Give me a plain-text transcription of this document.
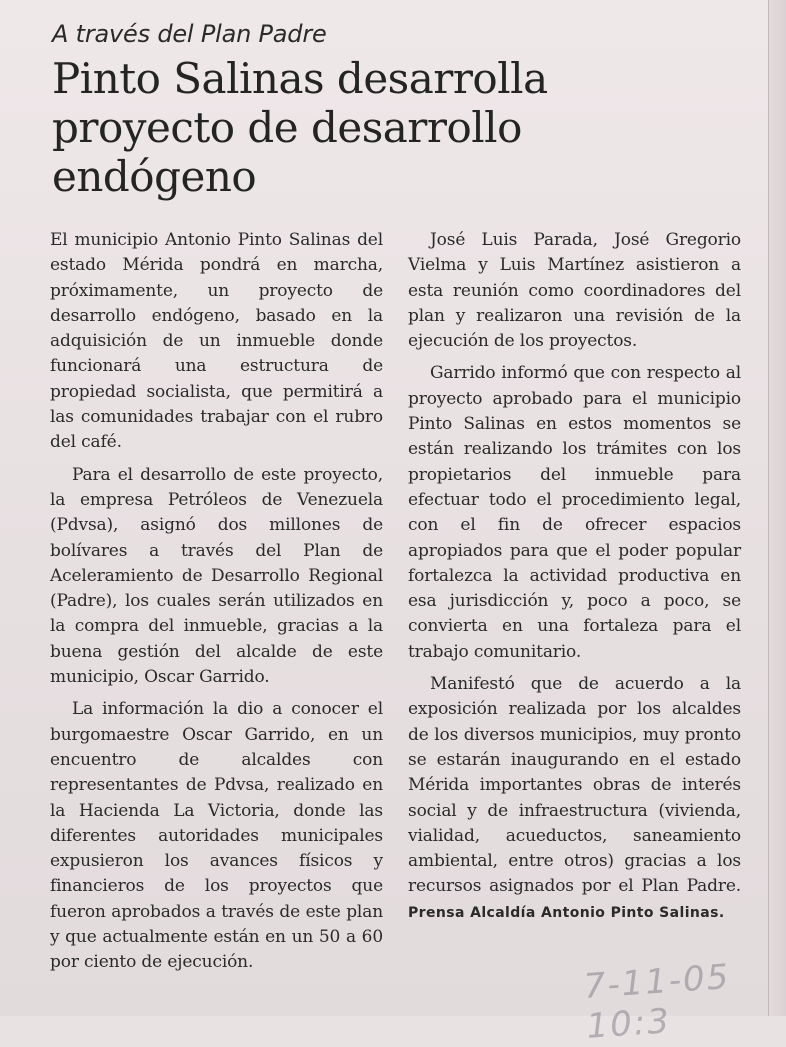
A través del Plan Padre
Pinto Salinas desarrolla proyecto de desarrollo endógeno

El municipio Antonio Pinto Salinas del estado Mérida pondrá en marcha, próximamente, un proyecto de desarrollo endógeno, basado en la adquisición de un inmueble donde funcionará una estructura de propiedad socialista, que permitirá a las comunidades trabajar con el rubro del café.

Para el desarrollo de este proyecto, la empresa Petróleos de Venezuela (Pdvsa), asignó dos millones de bolívares a través del Plan de Aceleramiento de Desarrollo Regional (Padre), los cuales serán utilizados en la compra del inmueble, gracias a la buena gestión del alcalde de este municipio, Oscar Garrido.

La información la dio a conocer el burgomaestre Oscar Garrido, en un encuentro de alcaldes con representantes de Pdvsa, realizado en la Hacienda La Victoria, donde las diferentes autoridades municipales expusieron los avances físicos y financieros de los proyectos que fueron aprobados a través de este plan y que actualmente están en un 50 a 60 por ciento de ejecución.

José Luis Parada, José Gregorio Vielma y Luis Martínez asistieron a esta reunión como coordinadores del plan y realizaron una revisión de la ejecución de los proyectos.

Garrido informó que con respecto al proyecto aprobado para el municipio Pinto Salinas en estos momentos se están realizando los trámites con los propietarios del inmueble para efectuar todo el procedimiento legal, con el fin de ofrecer espacios apropiados para que el poder popular fortalezca la actividad productiva en esa jurisdicción y, poco a poco, se convierta en una fortaleza para el trabajo comunitario.

Manifestó que de acuerdo a la exposición realizada por los alcaldes de los diversos municipios, muy pronto se estarán inaugurando en el estado Mérida importantes obras de interés social y de infraestructura (vivienda, vialidad, acueductos, saneamiento ambiental, entre otros) gracias a los recursos asignados por el Plan Padre. Prensa Alcaldía Antonio Pinto Salinas.

7-11-05 10:3
